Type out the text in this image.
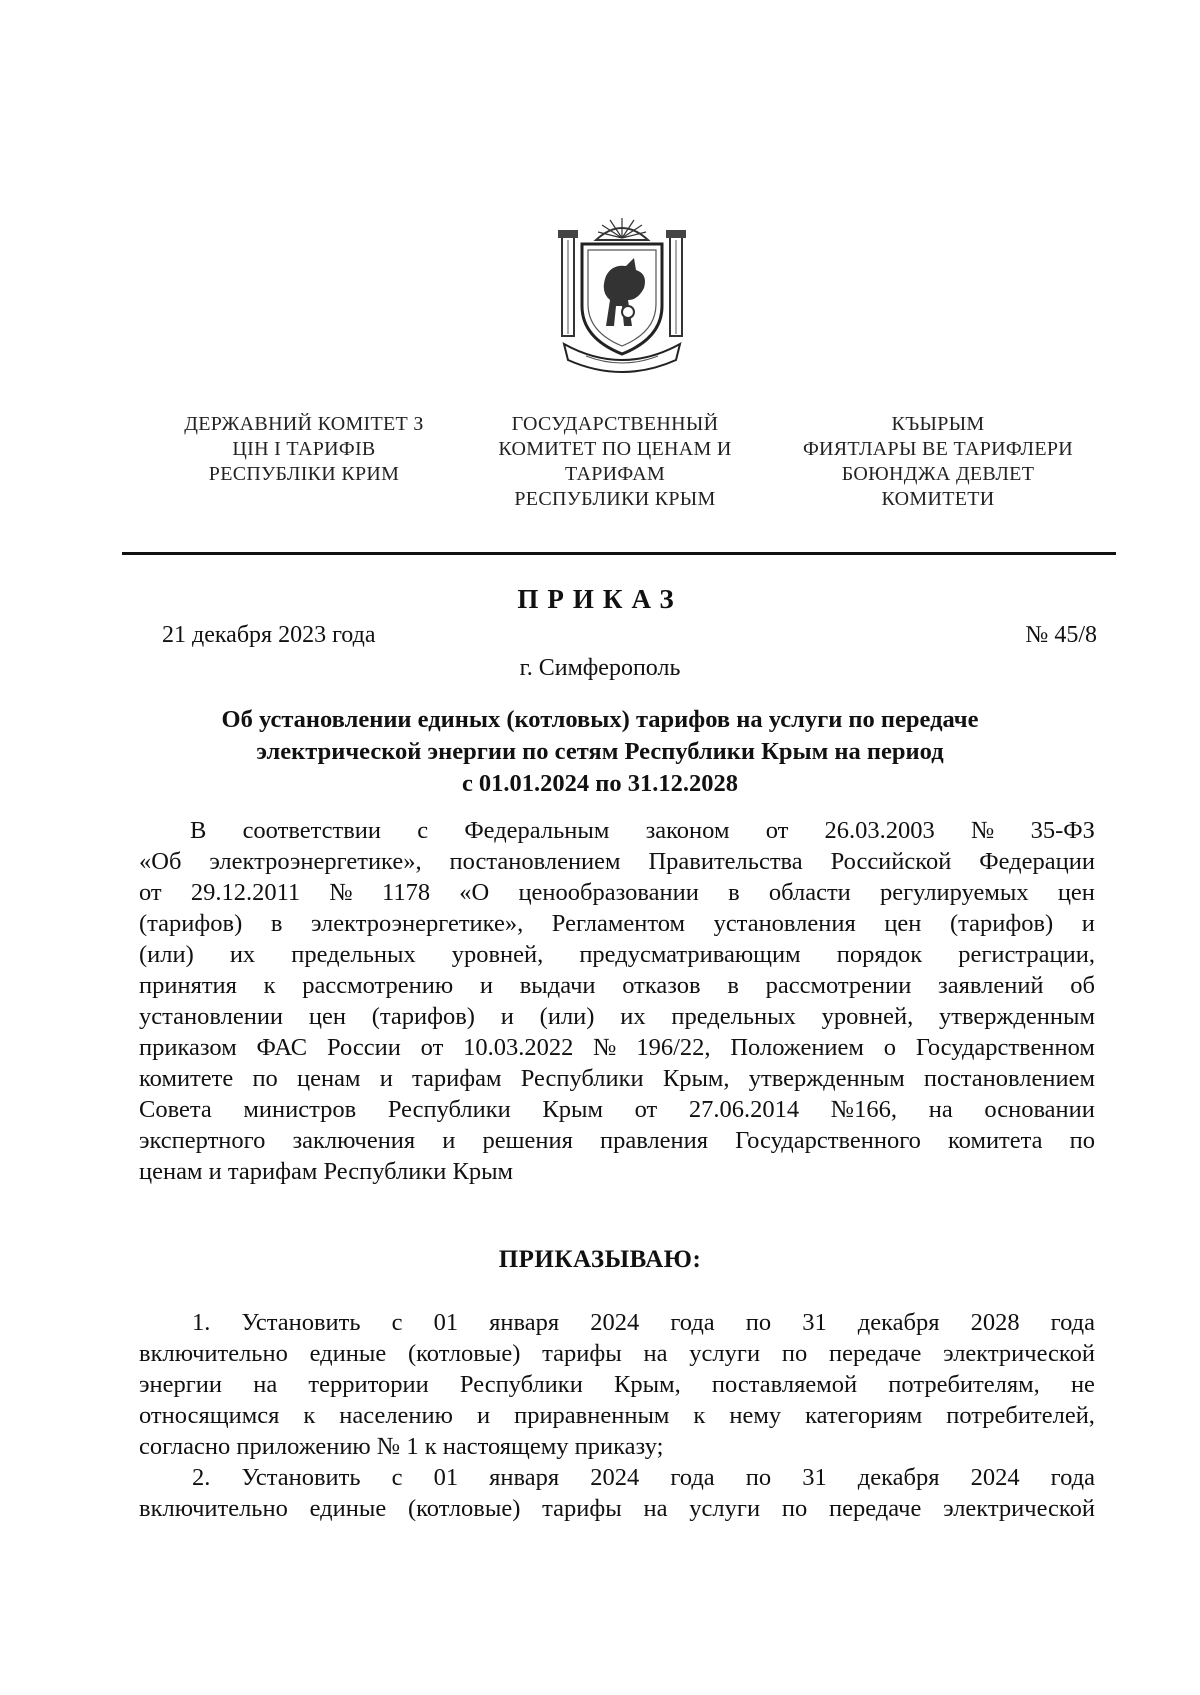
ДЕРЖАВНИЙ КОМІТЕТ З
ЦІН І ТАРИФІВ
РЕСПУБЛІКИ КРИМ
ГОСУДАРСТВЕННЫЙ
КОМИТЕТ ПО ЦЕНАМ И
ТАРИФАМ
РЕСПУБЛИКИ КРЫМ
КЪЫРЫМ
ФИЯТЛАРЫ ВЕ ТАРИФЛЕРИ
БОЮНДЖА ДЕВЛЕТ
КОМИТЕТИ
ПРИКАЗ
21 декабря 2023 года	№ 45/8
г. Симферополь
Об установлении единых (котловых) тарифов на услуги по передаче
электрической энергии по сетям Республики Крым на период
с 01.01.2024 по 31.12.2028
В соответствии с Федеральным законом от 26.03.2003 № 35-ФЗ
«Об электроэнергетике», постановлением Правительства Российской Федерации
от 29.12.2011 № 1178 «О ценообразовании в области регулируемых цен
(тарифов) в электроэнергетике», Регламентом установления цен (тарифов) и
(или) их предельных уровней, предусматривающим порядок регистрации,
принятия к рассмотрению и выдачи отказов в рассмотрении заявлений об
установлении цен (тарифов) и (или) их предельных уровней, утвержденным
приказом ФАС России от 10.03.2022 № 196/22, Положением о Государственном
комитете по ценам и тарифам Республики Крым, утвержденным постановлением
Совета министров Республики Крым от 27.06.2014 №166, на основании
экспертного заключения и решения правления Государственного комитета по
ценам и тарифам Республики Крым
ПРИКАЗЫВАЮ:
1. Установить с 01 января 2024 года по 31 декабря 2028 года
включительно единые (котловые) тарифы на услуги по передаче электрической
энергии на территории Республики Крым, поставляемой потребителям, не
относящимся к населению и приравненным к нему категориям потребителей,
согласно приложению № 1 к настоящему приказу;
2. Установить с 01 января 2024 года по 31 декабря 2024 года
включительно единые (котловые) тарифы на услуги по передаче электрической
